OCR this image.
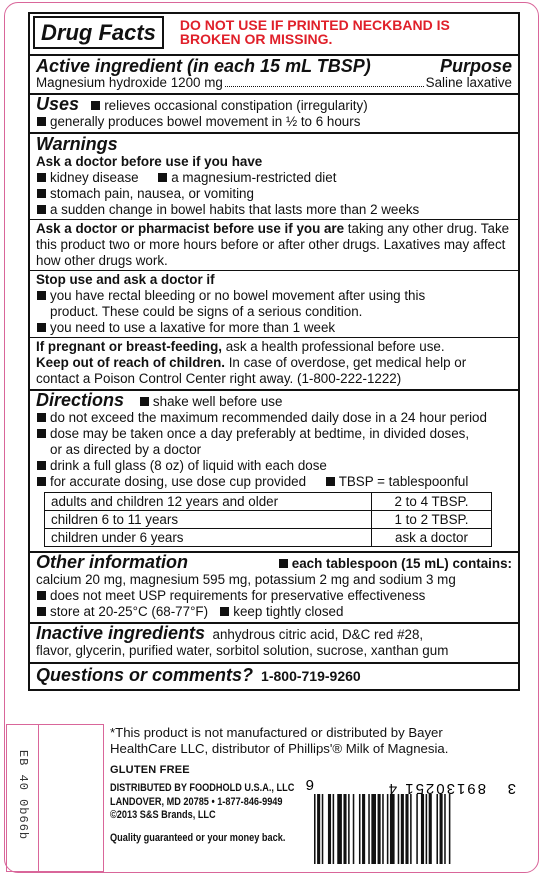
Drug Facts DO NOT USE IF PRINTED NECKBAND IS BROKEN OR MISSING.
Active ingredient (in each 15 mL TBSP)	Purpose
Magnesium hydroxide 1200 mg	Saline laxative
Uses relieves occasional constipation (irregularity)
generally produces bowel movement in ½ to 6 hours
Warnings
Ask a doctor before use if you have
kidney disease a magnesium-restricted diet
stomach pain, nausea, or vomiting
a sudden change in bowel habits that lasts more than 2 weeks
Ask a doctor or pharmacist before use if you are taking any other drug. Take this product two or more hours before or after other drugs. Laxatives may affect how other drugs work.
Stop use and ask a doctor if
you have rectal bleeding or no bowel movement after using this
product. These could be signs of a serious condition.
you need to use a laxative for more than 1 week
If pregnant or breast-feeding, ask a health professional before use.
Keep out of reach of children. In case of overdose, get medical help or contact a Poison Control Center right away. (1-800-222-1222)
Directions shake well before use
do not exceed the maximum recommended daily dose in a 24 hour period
dose may be taken once a day preferably at bedtime, in divided doses,
or as directed by a doctor
drink a full glass (8 oz) of liquid with each dose
for accurate dosing, use dose cup provided TBSP = tablespoonful
adults and children 12 years and older	2 to 4 TBSP.
children 6 to 11 years	1 to 2 TBSP.
children under 6 years	ask a doctor
Other information	each tablespoon (15 mL) contains:
calcium 20 mg, magnesium 595 mg, potassium 2 mg and sodium 3 mg
does not meet USP requirements for preservative effectiveness
store at 20-25°C (68-77°F) keep tightly closed
Inactive ingredients anhydrous citric acid, D&C red #28,
flavor, glycerin, purified water, sorbitol solution, sucrose, xanthan gum
Questions or comments? 1-800-719-9260
EB 40 0b66b
*This product is not manufactured or distributed by Bayer HealthCare LLC, distributor of Phillips'® Milk of Magnesia.
GLUTEN FREE
DISTRIBUTED BY FOODHOLD U.S.A., LLC
LANDOVER, MD 20785 • 1-877-846-9949
©2013 S&S Brands, LLC
Quality guaranteed or your money back.
6	89130251 4 3
